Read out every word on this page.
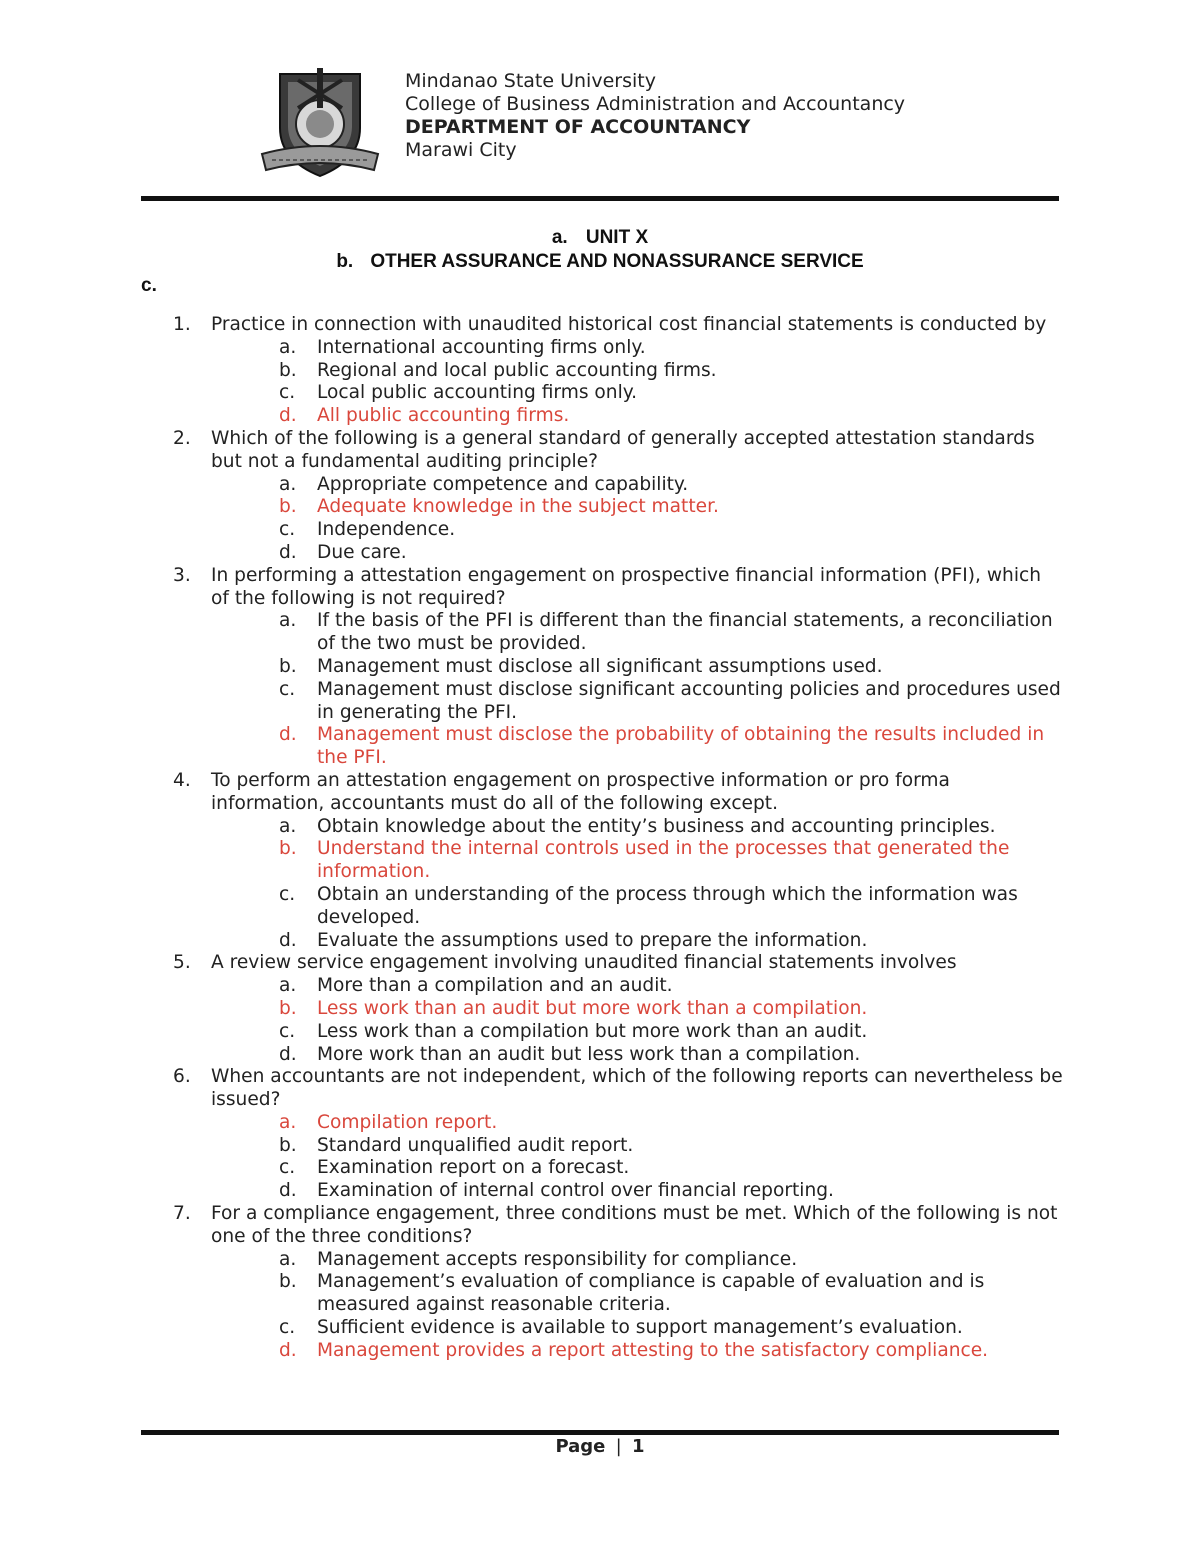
Mindanao State University
College of Business Administration and Accountancy
DEPARTMENT OF ACCOUNTANCY
Marawi City
a. UNIT X
b. OTHER ASSURANCE AND NONASSURANCE SERVICE
c.
1. Practice in connection with unaudited historical cost financial statements is conducted by
a. International accounting firms only.
b. Regional and local public accounting firms.
c. Local public accounting firms only.
d. All public accounting firms.
2. Which of the following is a general standard of generally accepted attestation standards but not a fundamental auditing principle?
a. Appropriate competence and capability.
b. Adequate knowledge in the subject matter.
c. Independence.
d. Due care.
3. In performing a attestation engagement on prospective financial information (PFI), which of the following is not required?
a. If the basis of the PFI is different than the financial statements, a reconciliation of the two must be provided.
b. Management must disclose all significant assumptions used.
c. Management must disclose significant accounting policies and procedures used in generating the PFI.
d. Management must disclose the probability of obtaining the results included in the PFI.
4. To perform an attestation engagement on prospective information or pro forma information, accountants must do all of the following except.
a. Obtain knowledge about the entity’s business and accounting principles.
b. Understand the internal controls used in the processes that generated the information.
c. Obtain an understanding of the process through which the information was developed.
d. Evaluate the assumptions used to prepare the information.
5. A review service engagement involving unaudited financial statements involves
a. More than a compilation and an audit.
b. Less work than an audit but more work than a compilation.
c. Less work than a compilation but more work than an audit.
d. More work than an audit but less work than a compilation.
6. When accountants are not independent, which of the following reports can nevertheless be issued?
a. Compilation report.
b. Standard unqualified audit report.
c. Examination report on a forecast.
d. Examination of internal control over financial reporting.
7. For a compliance engagement, three conditions must be met. Which of the following is not one of the three conditions?
a. Management accepts responsibility for compliance.
b. Management’s evaluation of compliance is capable of evaluation and is measured against reasonable criteria.
c. Sufficient evidence is available to support management’s evaluation.
d. Management provides a report attesting to the satisfactory compliance.
Page | 1
